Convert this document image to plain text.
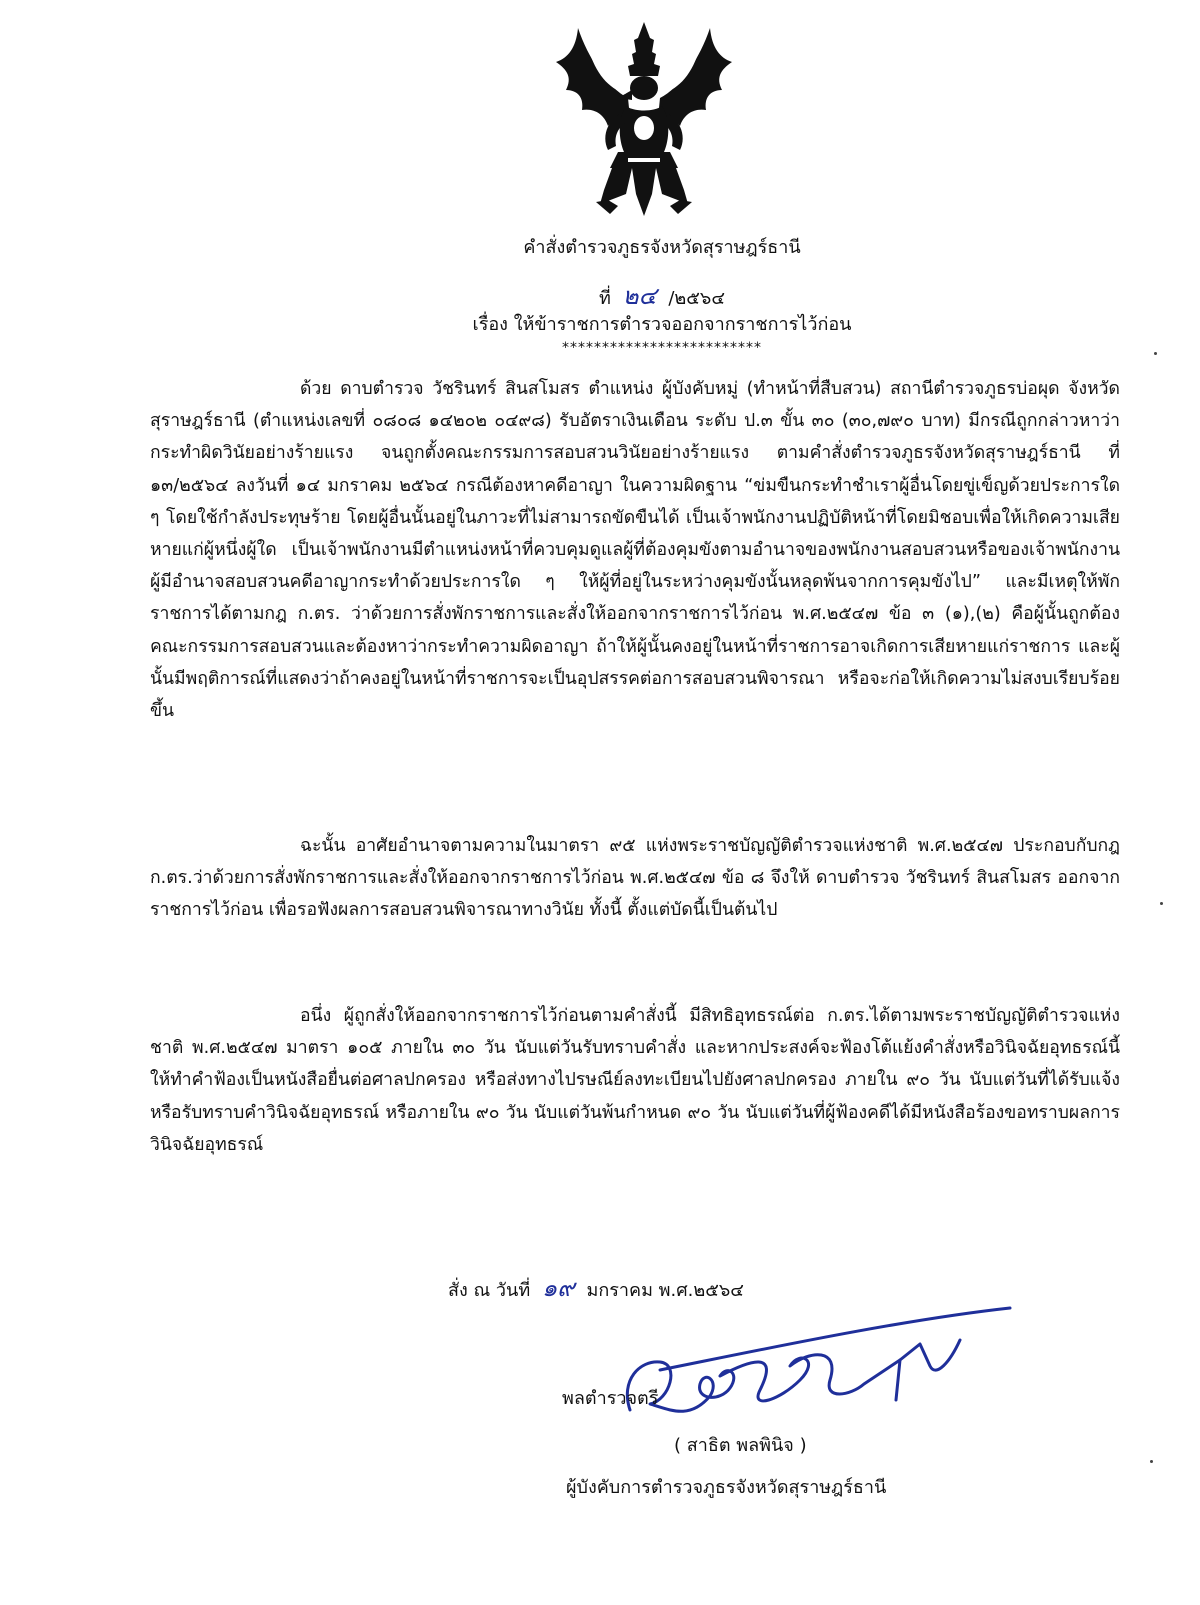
คำสั่งตำรวจภูธรจังหวัดสุราษฎร์ธานี
ที่ ๒๔ /๒๕๖๔
เรื่อง ให้ข้าราชการตำรวจออกจากราชการไว้ก่อน
*************************

ด้วย ดาบตำรวจ วัชรินทร์ สินสโมสร ตำแหน่ง ผู้บังคับหมู่ (ทำหน้าที่สืบสวน) สถานีตำรวจภูธรบ่อผุด จังหวัดสุราษฎร์ธานี (ตำแหน่งเลขที่ ๐๘๐๘ ๑๔๒๐๒ ๐๔๙๘) รับอัตราเงินเดือน ระดับ ป.๓ ขั้น ๓๐ (๓๐,๗๙๐ บาท) มีกรณีถูกกล่าวหาว่ากระทำผิดวินัยอย่างร้ายแรง จนถูกตั้งคณะกรรมการสอบสวนวินัยอย่างร้ายแรง ตามคำสั่งตำรวจภูธรจังหวัดสุราษฎร์ธานี ที่ ๑๓/๒๕๖๔ ลงวันที่ ๑๔ มกราคม ๒๕๖๔ กรณีต้องหาคดีอาญา ในความผิดฐาน “ข่มขืนกระทำชำเราผู้อื่นโดยขู่เข็ญด้วยประการใด ๆ โดยใช้กำลังประทุษร้าย โดยผู้อื่นนั้นอยู่ในภาวะที่ไม่สามารถขัดขืนได้ เป็นเจ้าพนักงานปฏิบัติหน้าที่โดยมิชอบเพื่อให้เกิดความเสียหายแก่ผู้หนึ่งผู้ใด เป็นเจ้าพนักงานมีตำแหน่งหน้าที่ควบคุมดูแลผู้ที่ต้องคุมขังตามอำนาจของพนักงานสอบสวนหรือของเจ้าพนักงานผู้มีอำนาจสอบสวนคดีอาญากระทำด้วยประการใด ๆ ให้ผู้ที่อยู่ในระหว่างคุมขังนั้นหลุดพ้นจากการคุมขังไป” และมีเหตุให้พักราชการได้ตามกฎ ก.ตร. ว่าด้วยการสั่งพักราชการและสั่งให้ออกจากราชการไว้ก่อน พ.ศ.๒๕๔๗ ข้อ ๓ (๑),(๒) คือผู้นั้นถูกต้องคณะกรรมการสอบสวนและต้องหาว่ากระทำความผิดอาญา ถ้าให้ผู้นั้นคงอยู่ในหน้าที่ราชการอาจเกิดการเสียหายแก่ราชการ และผู้นั้นมีพฤติการณ์ที่แสดงว่าถ้าคงอยู่ในหน้าที่ราชการจะเป็นอุปสรรคต่อการสอบสวนพิจารณา หรือจะก่อให้เกิดความไม่สงบเรียบร้อยขึ้น

ฉะนั้น อาศัยอำนาจตามความในมาตรา ๙๕ แห่งพระราชบัญญัติตำรวจแห่งชาติ พ.ศ.๒๕๔๗ ประกอบกับกฎ ก.ตร.ว่าด้วยการสั่งพักราชการและสั่งให้ออกจากราชการไว้ก่อน พ.ศ.๒๕๔๗ ข้อ ๘ จึงให้ ดาบตำรวจ วัชรินทร์ สินสโมสร ออกจากราชการไว้ก่อน เพื่อรอฟังผลการสอบสวนพิจารณาทางวินัย ทั้งนี้ ตั้งแต่บัดนี้เป็นต้นไป

อนึ่ง ผู้ถูกสั่งให้ออกจากราชการไว้ก่อนตามคำสั่งนี้ มีสิทธิอุทธรณ์ต่อ ก.ตร.ได้ตามพระราชบัญญัติตำรวจแห่งชาติ พ.ศ.๒๕๔๗ มาตรา ๑๐๕ ภายใน ๓๐ วัน นับแต่วันรับทราบคำสั่ง และหากประสงค์จะฟ้องโต้แย้งคำสั่งหรือวินิจฉัยอุทธรณ์นี้ ให้ทำคำฟ้องเป็นหนังสือยื่นต่อศาลปกครอง หรือส่งทางไปรษณีย์ลงทะเบียนไปยังศาลปกครอง ภายใน ๙๐ วัน นับแต่วันที่ได้รับแจ้ง หรือรับทราบคำวินิจฉัยอุทธรณ์ หรือภายใน ๙๐ วัน นับแต่วันพ้นกำหนด ๙๐ วัน นับแต่วันที่ผู้ฟ้องคดีได้มีหนังสือร้องขอทราบผลการวินิจฉัยอุทธรณ์

สั่ง ณ วันที่ ๑๙ มกราคม พ.ศ.๒๕๖๔
พลตำรวจตรี
( สาธิต พลพินิจ )
ผู้บังคับการตำรวจภูธรจังหวัดสุราษฎร์ธานี
